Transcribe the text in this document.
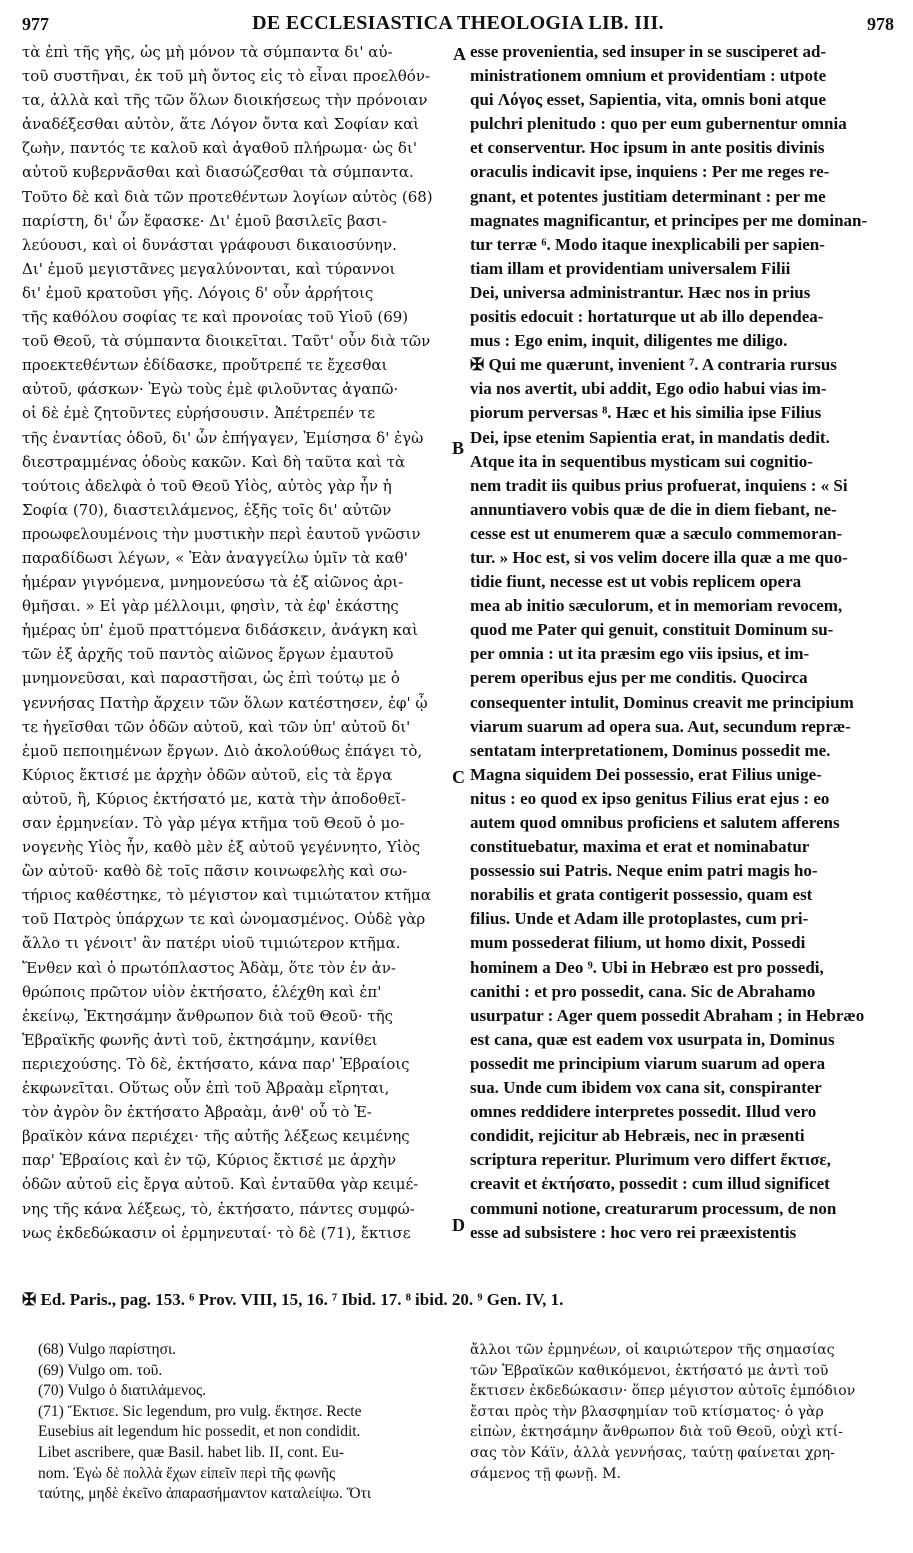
977	DE ECCLESIASTICA THEOLOGIA LIB. III.	978
τὰ ἐπὶ τῆς γῆς, ὡς μὴ μόνον τὰ σύμπαντα δι' αὐ-
τοῦ συστῆναι, ἐκ τοῦ μὴ ὄντος εἰς τὸ εἶναι προελθόν-
τα, ἀλλὰ καὶ τῆς τῶν ὅλων διοικήσεως τὴν πρόνοιαν
ἀναδέξεσθαι αὐτὸν, ἅτε Λόγον ὄντα καὶ Σοφίαν καὶ
ζωὴν, παντός τε καλοῦ καὶ ἀγαθοῦ πλήρωμα· ὡς δι'
αὐτοῦ κυβερνᾶσθαι καὶ διασώζεσθαι τὰ σύμπαντα.
Τοῦτο δὲ καὶ διὰ τῶν προτεθέντων λογίων αὐτὸς (68)
παρίστη, δι' ὧν ἔφασκε· Δι' ἐμοῦ βασιλεῖς βασι-
λεύουσι, καὶ οἱ δυνάσται γράφουσι δικαιοσύνην.
Δι' ἐμοῦ μεγιστᾶνες μεγαλύνονται, καὶ τύραννοι
δι' ἐμοῦ κρατοῦσι γῆς. Λόγοις δ' οὖν ἀρρήτοις
τῆς καθόλου σοφίας τε καὶ προνοίας τοῦ Υἱοῦ (69)
τοῦ Θεοῦ, τὰ σύμπαντα διοικεῖται. Ταῦτ' οὖν διὰ τῶν
προεκτεθέντων ἐδίδασκε, προὔτρεπέ τε ἔχεσθαι
αὐτοῦ, φάσκων· Ἐγὼ τοὺς ἐμὲ φιλοῦντας ἀγαπῶ·
οἱ δὲ ἐμὲ ζητοῦντες εὑρήσουσιν. Ἀπέτρεπέν τε
τῆς ἐναντίας ὁδοῦ, δι' ὧν ἐπήγαγεν, Ἐμίσησα δ' ἐγὼ
διεστραμμένας ὁδοὺς κακῶν. Καὶ δὴ ταῦτα καὶ τὰ
τούτοις ἀδελφὰ ὁ τοῦ Θεοῦ Υἱὸς, αὐτὸς γὰρ ἦν ἡ
Σοφία (70), διαστειλάμενος, ἑξῆς τοῖς δι' αὐτῶν
προωφελουμένοις τὴν μυστικὴν περὶ ἑαυτοῦ γνῶσιν
παραδίδωσι λέγων, « Ἐὰν ἀναγγείλω ὑμῖν τὰ καθ'
ἡμέραν γιγνόμενα, μνημονεύσω τὰ ἐξ αἰῶνος ἀρι-
θμῆσαι. » Εἰ γὰρ μέλλοιμι, φησὶν, τὰ ἐφ' ἑκάστης
ἡμέρας ὑπ' ἐμοῦ πραττόμενα διδάσκειν, ἀνάγκη καὶ
τῶν ἐξ ἀρχῆς τοῦ παντὸς αἰῶνος ἔργων ἐμαυτοῦ
μνημονεῦσαι, καὶ παραστῆσαι, ὡς ἐπὶ τούτῳ με ὁ
γεννήσας Πατὴρ ἄρχειν τῶν ὅλων κατέστησεν, ἐφ' ᾧ
τε ἡγεῖσθαι τῶν ὁδῶν αὐτοῦ, καὶ τῶν ὑπ' αὐτοῦ δι'
ἐμοῦ πεποιημένων ἔργων. Διὸ ἀκολούθως ἐπάγει τὸ,
Κύριος ἔκτισέ με ἀρχὴν ὁδῶν αὐτοῦ, εἰς τὰ ἔργα
αὐτοῦ, ἢ, Κύριος ἐκτήσατό με, κατὰ τὴν ἀποδοθεῖ-
σαν ἑρμηνείαν. Τὸ γὰρ μέγα κτῆμα τοῦ Θεοῦ ὁ μο-
νογενὴς Υἱὸς ἦν, καθὸ μὲν ἐξ αὐτοῦ γεγέννητο, Υἱὸς
ὢν αὐτοῦ· καθὸ δὲ τοῖς πᾶσιν κοινωφελὴς καὶ σω-
τήριος καθέστηκε, τὸ μέγιστον καὶ τιμιώτατον κτῆμα
τοῦ Πατρὸς ὑπάρχων τε καὶ ὠνομασμένος. Οὐδὲ γὰρ
ἄλλο τι γένοιτ' ἂν πατέρι υἱοῦ τιμιώτερον κτῆμα.
Ἔνθεν καὶ ὁ πρωτόπλαστος Ἀδὰμ, ὅτε τὸν ἐν ἀν-
θρώποις πρῶτον υἱὸν ἐκτήσατο, ἐλέχθη καὶ ἐπ'
ἐκείνῳ, Ἐκτησάμην ἄνθρωπον διὰ τοῦ Θεοῦ· τῆς
Ἑβραϊκῆς φωνῆς ἀντὶ τοῦ, ἐκτησάμην, κανίθει
περιεχούσης. Τὸ δὲ, ἐκτήσατο, κάνα παρ' Ἑβραίοις
ἐκφωνεῖται. Οὕτως οὖν ἐπὶ τοῦ Ἀβραὰμ εἴρηται,
τὸν ἀγρὸν ὃν ἐκτήσατο Ἀβραὰμ, ἀνθ' οὗ τὸ Ἑ-
βραϊκὸν κάνα περιέχει· τῆς αὐτῆς λέξεως κειμένης
παρ' Ἑβραίοις καὶ ἐν τῷ, Κύριος ἔκτισέ με ἀρχὴν
ὁδῶν αὐτοῦ εἰς ἔργα αὐτοῦ. Καὶ ἐνταῦθα γὰρ κειμέ-
νης τῆς κάνα λέξεως, τὸ, ἐκτήσατο, πάντες συμφώ-
νως ἐκδεδώκασιν οἱ ἑρμηνευταί· τὸ δὲ (71), ἔκτισε
esse provenientia, sed insuper in se susciperet ad-
ministrationem omnium et providentiam : utpote
qui Λόγος esset, Sapientia, vita, omnis boni atque
pulchri plenitudo : quo per eum gubernentur omnia
et conserventur. Hoc ipsum in ante positis divinis
oraculis indicavit ipse, inquiens : Per me reges re-
gnant, et potentes justitiam determinant : per me
magnates magnificantur, et principes per me dominan-
tur terræ ⁶. Modo itaque inexplicabili per sapien-
tiam illam et providentiam universalem Filii
Dei, universa administrantur. Hæc nos in prius
positis edocuit : hortaturque ut ab illo dependea-
mus : Ego enim, inquit, diligentes me diligo.
✠ Qui me quærunt, invenient ⁷. A contraria rursus
via nos avertit, ubi addit, Ego odio habui vias im-
piorum perversas ⁸. Hæc et his similia ipse Filius
Dei, ipse etenim Sapientia erat, in mandatis dedit.
Atque ita in sequentibus mysticam sui cognitio-
nem tradit iis quibus prius profuerat, inquiens : « Si
annuntiavero vobis quæ de die in diem fiebant, ne-
cesse est ut enumerem quæ a sæculo commemoran-
tur. » Hoc est, si vos velim docere illa quæ a me quo-
tidie fiunt, necesse est ut vobis replicem opera
mea ab initio sæculorum, et in memoriam revocem,
quod me Pater qui genuit, constituit Dominum su-
per omnia : ut ita præsim ego viis ipsius, et im-
perem operibus ejus per me conditis. Quocirca
consequenter intulit, Dominus creavit me principium
viarum suarum ad opera sua. Aut, secundum repræ-
sentatam interpretationem, Dominus possedit me.
Magna siquidem Dei possessio, erat Filius unige-
nitus : eo quod ex ipso genitus Filius erat ejus : eo
autem quod omnibus proficiens et salutem afferens
constituebatur, maxima et erat et nominabatur
possessio sui Patris. Neque enim patri magis ho-
norabilis et grata contigerit possessio, quam est
filius. Unde et Adam ille protoplastes, cum pri-
mum possederat filium, ut homo dixit, Possedi
hominem a Deo ⁹. Ubi in Hebræo est pro possedi,
canithi : et pro possedit, cana. Sic de Abrahamo
usurpatur : Ager quem possedit Abraham ; in Hebræo
est cana, quæ est eadem vox usurpata in, Dominus
possedit me principium viarum suarum ad opera
sua. Unde cum ibidem vox cana sit, conspiranter
omnes reddidere interpretes possedit. Illud vero
condidit, rejicitur ab Hebræis, nec in præsenti
scriptura reperitur. Plurimum vero differt ἔκτισε,
creavit et ἐκτήσατο, possedit : cum illud significet
communi notione, creaturarum processum, de non
esse ad subsistere : hoc vero rei præexistentis
A
B
C
D
✠ Ed. Paris., pag. 153. ⁶ Prov. VIII, 15, 16. ⁷ Ibid. 17. ⁸ ibid. 20. ⁹ Gen. IV, 1.
(68) Vulgo παρίστησι.
(69) Vulgo om. τοῦ.
(70) Vulgo ὁ διατιλάμενος.
(71) Ἔκτισε. Sic legendum, pro vulg. ἔκτησε. Recte
Eusebius ait legendum hic possedit, et non condidit.
Libet ascribere, quæ Basil. habet lib. II, cont. Eu-
nom. Ἐγὼ δὲ πολλὰ ἔχων εἰπεῖν περὶ τῆς φωνῆς
ταύτης, μηδὲ ἐκεῖνο ἀπαρασήμαντον καταλείψω. Ὅτι
ἄλλοι τῶν ἑρμηνέων, οἱ καιριώτερον τῆς σημασίας
τῶν Ἑβραϊκῶν καθικόμενοι, ἐκτήσατό με ἀντὶ τοῦ
ἔκτισεν ἐκδεδώκασιν· ὅπερ μέγιστον αὐτοῖς ἐμπόδιον
ἔσται πρὸς τὴν βλασφημίαν τοῦ κτίσματος· ὁ γὰρ
εἰπὼν, ἐκτησάμην ἄνθρωπον διὰ τοῦ Θεοῦ, οὐχὶ κτί-
σας τὸν Κάϊν, ἀλλὰ γεννήσας, ταύτῃ φαίνεται χρη-
σάμενος τῇ φωνῇ. M.
